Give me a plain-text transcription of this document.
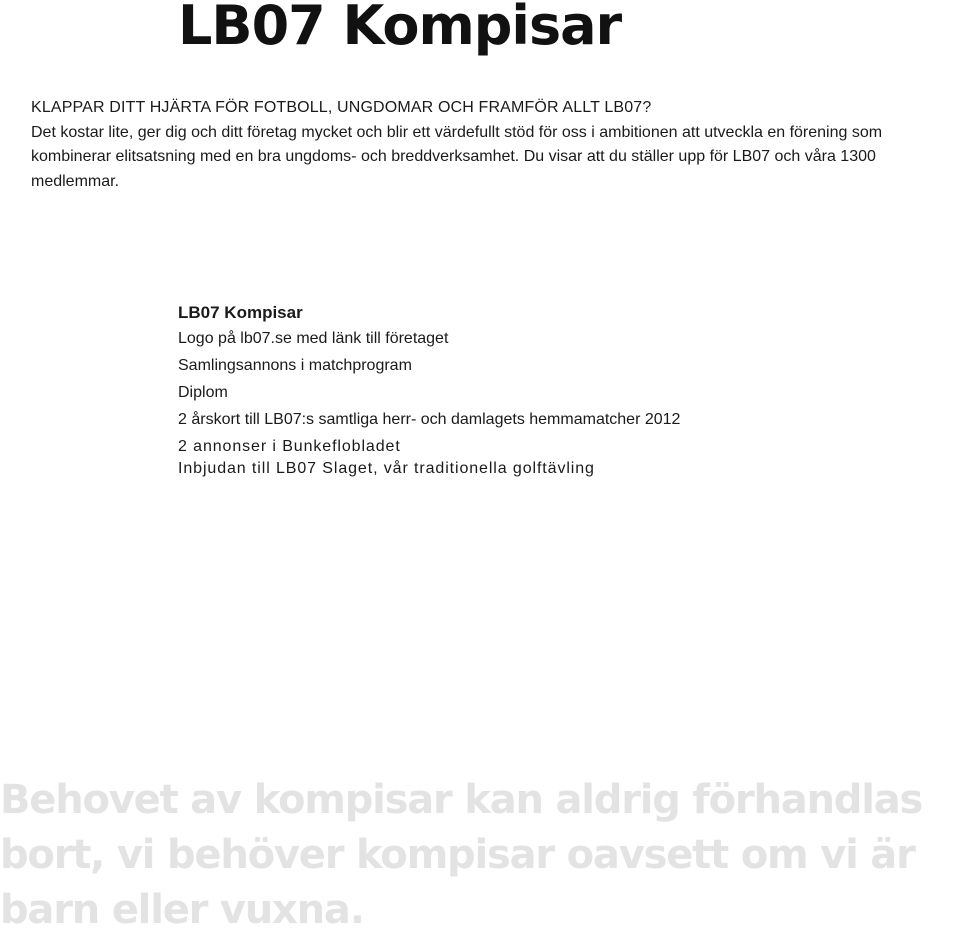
LB07 Kompisar
KLAPPAR DITT HJÄRTA FÖR FOTBOLL, UNGDOMAR OCH FRAMFÖR ALLT LB07?
Det kostar lite, ger dig och ditt företag mycket och blir ett värdefullt stöd för oss i ambitionen att utveckla en förening som kombinerar elitsatsning med en bra ungdoms- och breddverksamhet. Du visar att du ställer upp för LB07 och våra 1300 medlemmar.
LB07 Kompisar
Logo på lb07.se med länk till företaget
Samlingsannons i matchprogram
Diplom
2 årskort till LB07:s samtliga herr- och damlagets hemmamatcher 2012
2 annonser i Bunkeflobladet
Inbjudan till LB07 Slaget, vår traditionella golftävling

Behovet av kompisar kan aldrig förhandlas
bort, vi behöver kompisar oavsett om vi är
barn eller vuxna.
